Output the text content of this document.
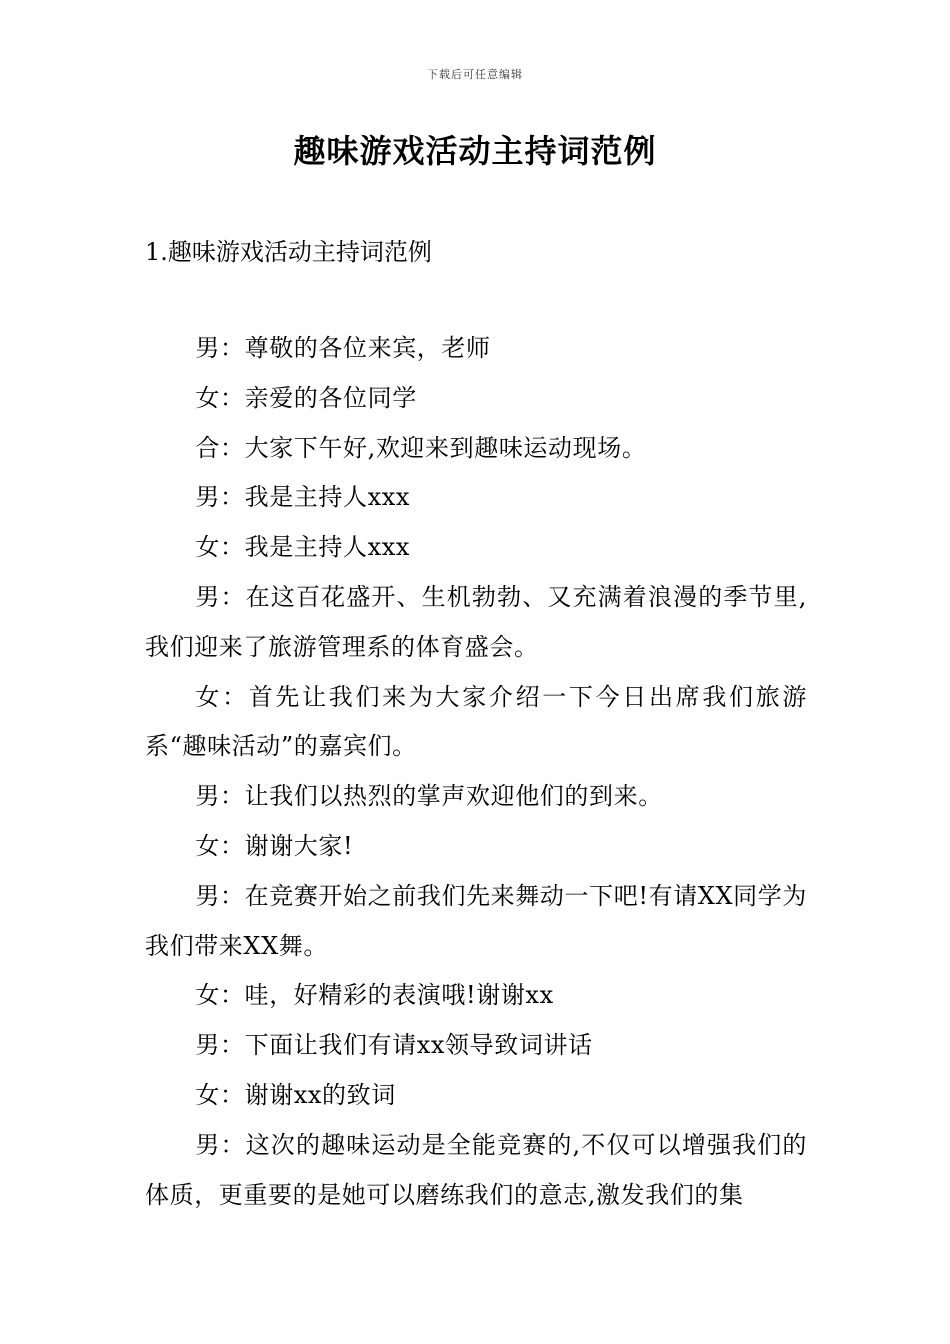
下载后可任意编辑
趣味游戏活动主持词范例
1.趣味游戏活动主持词范例

男：尊敬的各位来宾，老师

女：亲爱的各位同学

合：大家下午好,欢迎来到趣味运动现场。

男：我是主持人xxx

女：我是主持人xxx

男：在这百花盛开、生机勃勃、又充满着浪漫的季节里,我们迎来了旅游管理系的体育盛会。

女：首先让我们来为大家介绍一下今日出席我们旅游系“趣味活动”的嘉宾们。

男：让我们以热烈的掌声欢迎他们的到来。

女：谢谢大家!

男：在竞赛开始之前我们先来舞动一下吧!有请XX同学为我们带来XX舞。

女：哇，好精彩的表演哦!谢谢xx

男：下面让我们有请xx领导致词讲话

女：谢谢xx的致词

男：这次的趣味运动是全能竞赛的,不仅可以增强我们的体质，更重要的是她可以磨练我们的意志,激发我们的集
